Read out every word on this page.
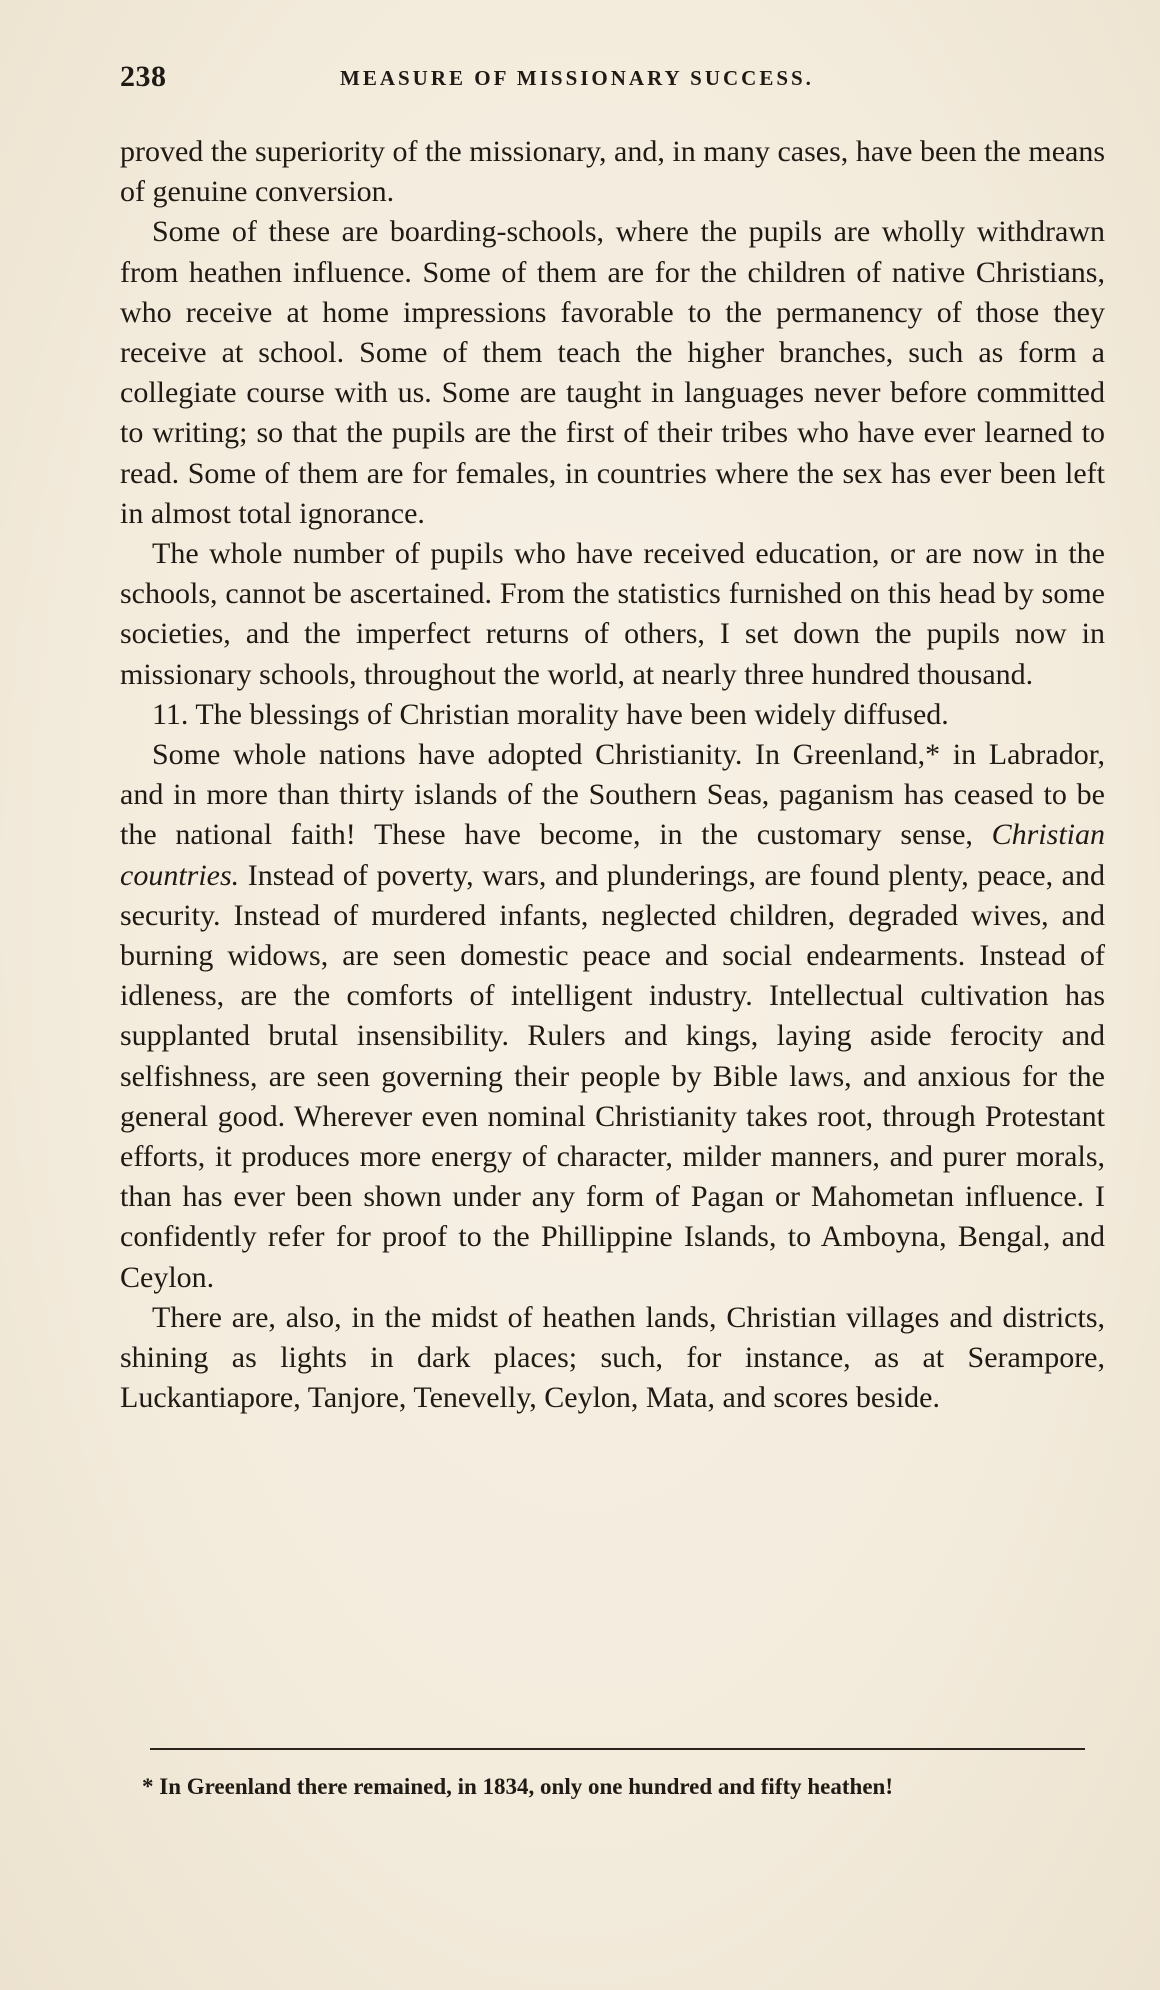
238	MEASURE OF MISSIONARY SUCCESS.

proved the superiority of the missionary, and, in many cases, have been the means of genuine conversion.

Some of these are boarding-schools, where the pupils are wholly withdrawn from heathen influence. Some of them are for the children of native Christians, who receive at home impressions favorable to the permanency of those they receive at school. Some of them teach the higher branches, such as form a collegiate course with us. Some are taught in languages never before committed to writing; so that the pupils are the first of their tribes who have ever learned to read. Some of them are for females, in countries where the sex has ever been left in almost total ignorance.

The whole number of pupils who have received education, or are now in the schools, cannot be ascertained. From the statistics furnished on this head by some societies, and the imperfect returns of others, I set down the pupils now in missionary schools, throughout the world, at nearly three hundred thousand.

11. The blessings of Christian morality have been widely diffused.

Some whole nations have adopted Christianity. In Greenland,* in Labrador, and in more than thirty islands of the Southern Seas, paganism has ceased to be the national faith! These have become, in the customary sense, Christian countries. Instead of poverty, wars, and plunderings, are found plenty, peace, and security. Instead of murdered infants, neglected children, degraded wives, and burning widows, are seen domestic peace and social endearments. Instead of idleness, are the comforts of intelligent industry. Intellectual cultivation has supplanted brutal insensibility. Rulers and kings, laying aside ferocity and selfishness, are seen governing their people by Bible laws, and anxious for the general good. Wherever even nominal Christianity takes root, through Protestant efforts, it produces more energy of character, milder manners, and purer morals, than has ever been shown under any form of Pagan or Mahometan influence. I confidently refer for proof to the Phillippine Islands, to Amboyna, Bengal, and Ceylon.

There are, also, in the midst of heathen lands, Christian villages and districts, shining as lights in dark places; such, for instance, as at Serampore, Luckantiapore, Tanjore, Tenevelly, Ceylon, Mata, and scores beside.

* In Greenland there remained, in 1834, only one hundred and fifty heathen!
